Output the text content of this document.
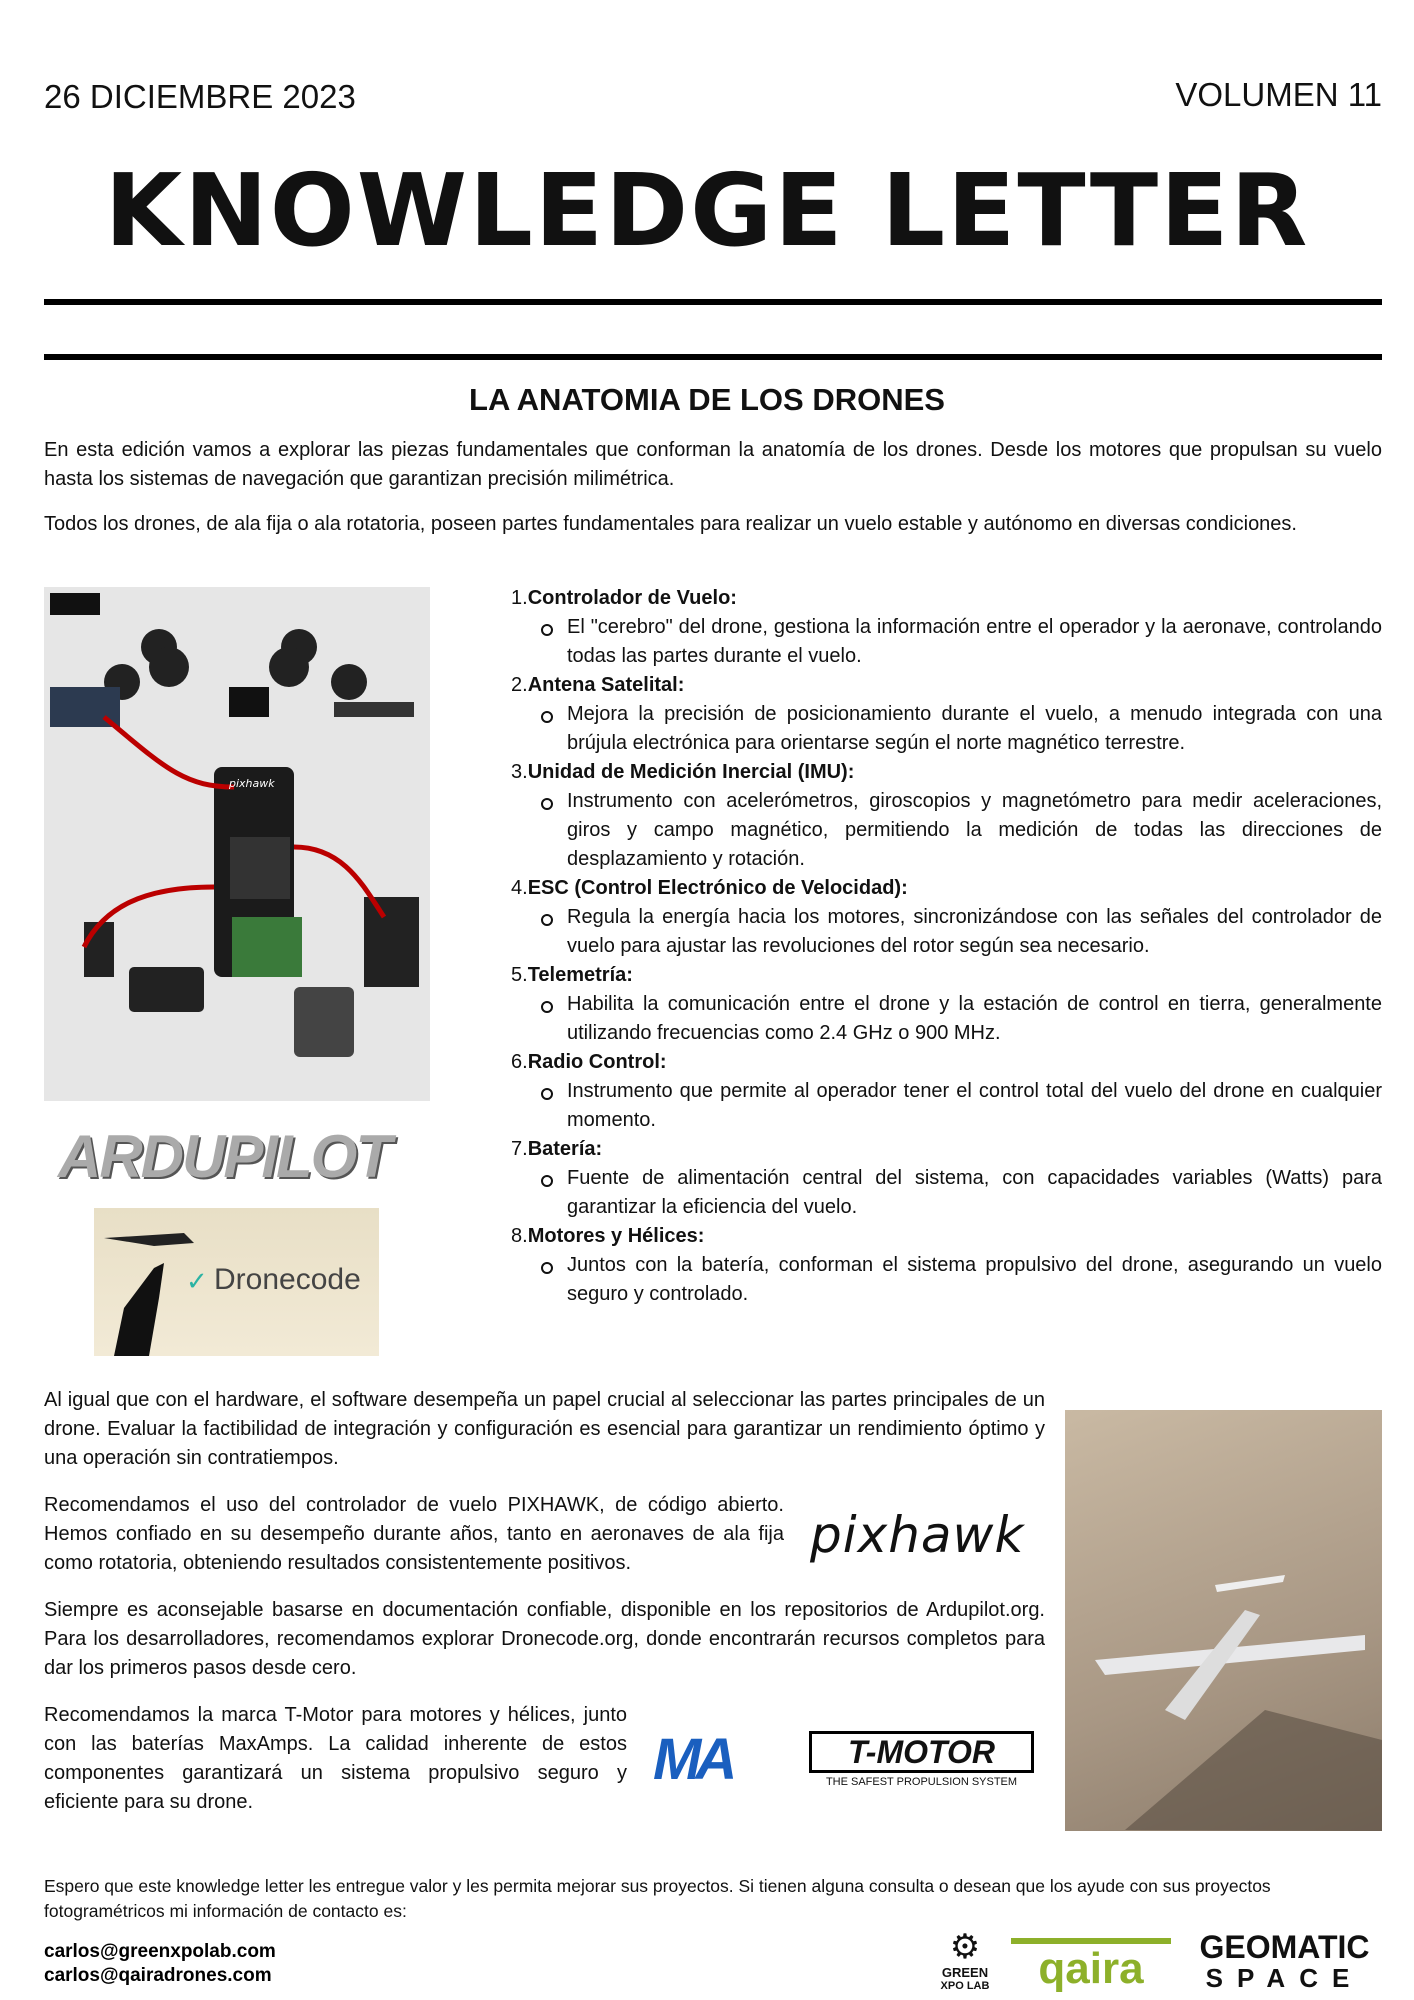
26 DICIEMBRE 2023	VOLUMEN 11
KNOWLEDGE LETTER
LA ANATOMIA DE LOS DRONES
En esta edición vamos a explorar las piezas fundamentales que conforman la anatomía de los drones. Desde los motores que propulsan su vuelo hasta los sistemas de navegación que garantizan precisión milimétrica.
Todos los drones, de ala fija o ala rotatoria, poseen partes fundamentales para realizar un vuelo estable y autónomo en diversas condiciones.
pixhawk
ARDUPILOT
✓ Dronecode
1.Controlador de Vuelo:
El "cerebro" del drone, gestiona la información entre el operador y la aeronave, controlando todas las partes durante el vuelo.
2.Antena Satelital:
Mejora la precisión de posicionamiento durante el vuelo, a menudo integrada con una brújula electrónica para orientarse según el norte magnético terrestre.
3.Unidad de Medición Inercial (IMU):
Instrumento con acelerómetros, giroscopios y magnetómetro para medir aceleraciones, giros y campo magnético, permitiendo la medición de todas las direcciones de desplazamiento y rotación.
4.ESC (Control Electrónico de Velocidad):
Regula la energía hacia los motores, sincronizándose con las señales del controlador de vuelo para ajustar las revoluciones del rotor según sea necesario.
5.Telemetría:
Habilita la comunicación entre el drone y la estación de control en tierra, generalmente utilizando frecuencias como 2.4 GHz o 900 MHz.
6.Radio Control:
Instrumento que permite al operador tener el control total del vuelo del drone en cualquier momento.
7.Batería:
Fuente de alimentación central del sistema, con capacidades variables (Watts) para garantizar la eficiencia del vuelo.
8.Motores y Hélices:
Juntos con la batería, conforman el sistema propulsivo del drone, asegurando un vuelo seguro y controlado.
Al igual que con el hardware, el software desempeña un papel crucial al seleccionar las partes principales de un drone. Evaluar la factibilidad de integración y configuración es esencial para garantizar un rendimiento óptimo y una operación sin contratiempos.
Recomendamos el uso del controlador de vuelo PIXHAWK, de código abierto. Hemos confiado en su desempeño durante años, tanto en aeronaves de ala fija como rotatoria, obteniendo resultados consistentemente positivos.	pixhawk
Siempre es aconsejable basarse en documentación confiable, disponible en los repositorios de Ardupilot.org. Para los desarrolladores, recomendamos explorar Dronecode.org, donde encontrarán recursos completos para dar los primeros pasos desde cero.
Recomendamos la marca T-Motor para motores y hélices, junto con las baterías MaxAmps. La calidad inherente de estos componentes garantizará un sistema propulsivo seguro y eficiente para su drone.
MA	T-MOTOR
THE SAFEST PROPULSION SYSTEM
Espero que este knowledge letter les entregue valor y les permita mejorar sus proyectos. Si tienen alguna consulta o desean que los ayude con sus proyectos fotogramétricos mi información de contacto es:
carlos@greenxpolab.com
carlos@qairadrones.com
⚙
GREEN
XPO LAB	qaira	GEOMATIC
SPACE
